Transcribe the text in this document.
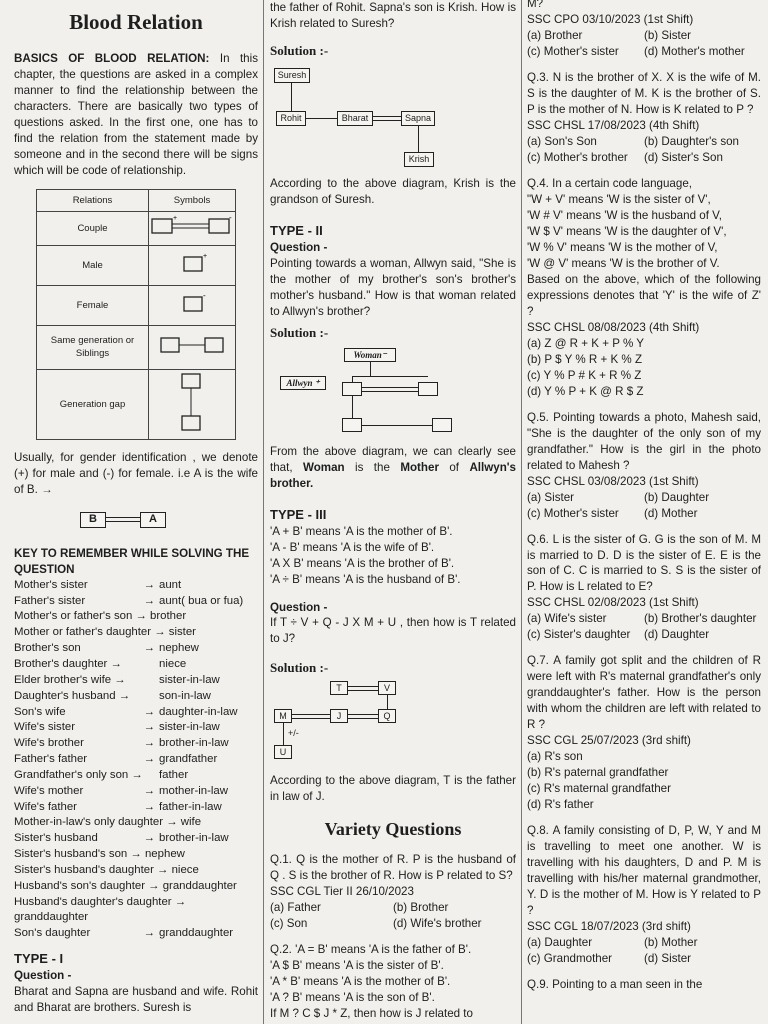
Blood Relation

BASICS OF BLOOD RELATION: In this chapter, the questions are asked in a complex manner to find the relationship between the characters. There are basically two types of questions asked. In the first one, one has to find the relation from the statement made by someone and in the second there will be signs which will be code of relationship.

Relations	Symbols
Couple	+ -

Male	+

Female	-

Same generation or Siblings	
Generation gap	

Usually, for gender identification , we denote (+) for male and (-) for female. i.e A is the wife of B. →

B	A
KEY TO REMEMBER WHILE SOLVING THE QUESTION
Mother's sister	→ aunt
Father's sister	→ aunt( bua or fua)
Mother's or father's son → brother
Mother or father's daughter → sister
Brother's son	→ nephew
Brother's daughter →	niece
Elder brother's wife →	sister-in-law
Daughter's husband →	son-in-law
Son's wife	→ daughter-in-law
Wife's sister	→ sister-in-law
Wife's brother	→ brother-in-law
Father's father	→ grandfather
Grandfather's only son → father
Wife's mother	→ mother-in-law
Wife's father	→ father-in-law
Mother-in-law's only daughter → wife
Sister's husband	→ brother-in-law
Sister's husband's son → nephew
Sister's husband's daughter → niece
Husband's son's daughter → granddaughter
Husband's daughter's daughter →
granddaughter
Son's daughter	→ granddaughter
TYPE - I
Question -

Bharat and Sapna are husband and wife. Rohit and Bharat are brothers. Suresh is

the father of Rohit. Sapna's son is Krish. How is Krish related to Suresh?

Solution :-
Suresh
Rohit	Bharat	Sapna
Krish

According to the above diagram, Krish is the grandson of Suresh.

TYPE - II
Question -

Pointing towards a woman, Allwyn said, "She is the mother of my brother's son's brother's mother's husband." How is that woman related to Allwyn's brother?

Solution :-
Woman⁻
Allwyn ⁺

From the above diagram, we can clearly see that, Woman is the Mother of Allwyn's brother.

TYPE - III
'A + B' means 'A is the mother of B'.
'A - B' means 'A is the wife of B'.
'A X B' means 'A is the brother of B'.
'A ÷ B' means 'A is the husband of B'.
Question -

If T ÷ V + Q - J X M + U , then how is T related to J?

Solution :-
T	V
M	J	Q
+/-
U

According to the above diagram, T is the father in law of J.

Variety Questions

Q.1. Q is the mother of R. P is the husband of Q . S is the brother of R. How is P related to S?

SSC CGL Tier II 26/10/2023
(a) Father	(b) Brother
(c) Son	(d) Wife's brother
Q.2. 'A = B' means 'A is the father of B'.
'A $ B' means 'A is the sister of B'.
'A * B' means 'A is the mother of B'.
'A ? B' means 'A is the son of B'.
If M ? C $ J * Z, then how is J related to
M?
SSC CPO 03/10/2023 (1st Shift)
(a) Brother	(b) Sister
(c) Mother's sister	(d) Mother's mother

Q.3. N is the brother of X. X is the wife of M. S is the daughter of M. K is the brother of S. P is the mother of N. How is K related to P ?

SSC CHSL 17/08/2023 (4th Shift)
(a) Son's Son	(b) Daughter's son
(c) Mother's brother	(d) Sister's Son
Q.4. In a certain code language,
"W + V' means 'W is the sister of V',
'W # V' means 'W is the husband of V,
'W $ V' means 'W is the daughter of V',
'W % V' means 'W is the mother of V,
'W @ V' means 'W is the brother of V.

Based on the above, which of the following expressions denotes that 'Y' is the wife of Z' ?

SSC CHSL 08/08/2023 (4th Shift)
(a) Z @ R + K + P % Y
(b) P $ Y % R + K % Z
(c) Y % P # K + R % Z
(d) Y % P + K @ R $ Z

Q.5. Pointing towards a photo, Mahesh said, "She is the daughter of the only son of my grandfather." How is the girl in the photo related to Mahesh ?

SSC CHSL 03/08/2023 (1st Shift)
(a) Sister	(b) Daughter
(c) Mother's sister	(d) Mother

Q.6. L is the sister of G. G is the son of M. M is married to D. D is the sister of E. E is the son of C. C is married to S. S is the sister of P. How is L related to E?

SSC CHSL 02/08/2023 (1st Shift)
(a) Wife's sister	(b) Brother's daughter
(c) Sister's daughter	(d) Daughter

Q.7. A family got split and the children of R were left with R's maternal grandfather's only granddaughter's father. How is the person with whom the children are left with related to R ?

SSC CGL 25/07/2023 (3rd shift)
(a) R's son
(b) R's paternal grandfather
(c) R's maternal grandfather
(d) R's father

Q.8. A family consisting of D, P, W, Y and M is travelling to meet one another. W is travelling with his daughters, D and P. M is travelling with his/her maternal grandmother, Y. D is the mother of M. How is Y related to P ?

SSC CGL 18/07/2023 (3rd shift)
(a) Daughter	(b) Mother
(c) Grandmother	(d) Sister

Q.9. Pointing to a man seen in the
